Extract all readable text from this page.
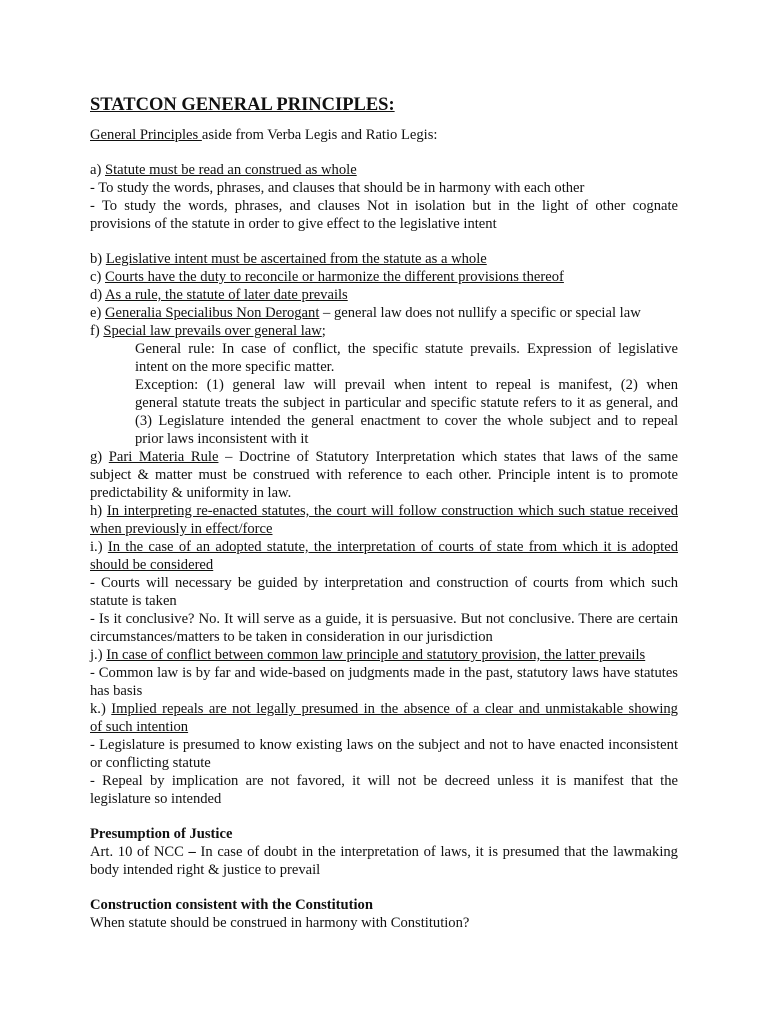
STATCON GENERAL PRINCIPLES:
General Principles aside from Verba Legis and Ratio Legis:
a) Statute must be read an construed as whole
- To study the words, phrases, and clauses that should be in harmony with each other
- To study the words, phrases, and clauses Not in isolation but in the light of other cognate
provisions of the statute in order to give effect to the legislative intent
b) Legislative intent must be ascertained from the statute as a whole
c) Courts have the duty to reconcile or harmonize the different provisions thereof
d) As a rule, the statute of later date prevails
e) Generalia Specialibus Non Derogant – general law does not nullify a specific or special law
f) Special law prevails over general law;
General rule: In case of conflict, the specific statute prevails. Expression of legislative
intent on the more specific matter.
Exception: (1) general law will prevail when intent to repeal is manifest, (2) when
general statute treats the subject in particular and specific statute refers to it as general, and
(3) Legislature intended the general enactment to cover the whole subject and to repeal
prior laws inconsistent with it
g) Pari Materia Rule – Doctrine of Statutory Interpretation which states that laws of the same
subject & matter must be construed with reference to each other. Principle intent is to promote
predictability & uniformity in law.
h) In interpreting re-enacted statutes, the court will follow construction which such statue received
when previously in effect/force
i.) In the case of an adopted statute, the interpretation of courts of state from which it is adopted
should be considered
- Courts will necessary be guided by interpretation and construction of courts from which such
statute is taken
- Is it conclusive? No. It will serve as a guide, it is persuasive. But not conclusive. There are certain
circumstances/matters to be taken in consideration in our jurisdiction
j.) In case of conflict between common law principle and statutory provision, the latter prevails
- Common law is by far and wide-based on judgments made in the past, statutory laws have statutes
has basis
k.) Implied repeals are not legally presumed in the absence of a clear and unmistakable showing
of such intention
- Legislature is presumed to know existing laws on the subject and not to have enacted inconsistent
or conflicting statute
- Repeal by implication are not favored, it will not be decreed unless it is manifest that the
legislature so intended
Presumption of Justice
Art. 10 of NCC – In case of doubt in the interpretation of laws, it is presumed that the lawmaking
body intended right & justice to prevail
Construction consistent with the Constitution
When statute should be construed in harmony with Constitution?
